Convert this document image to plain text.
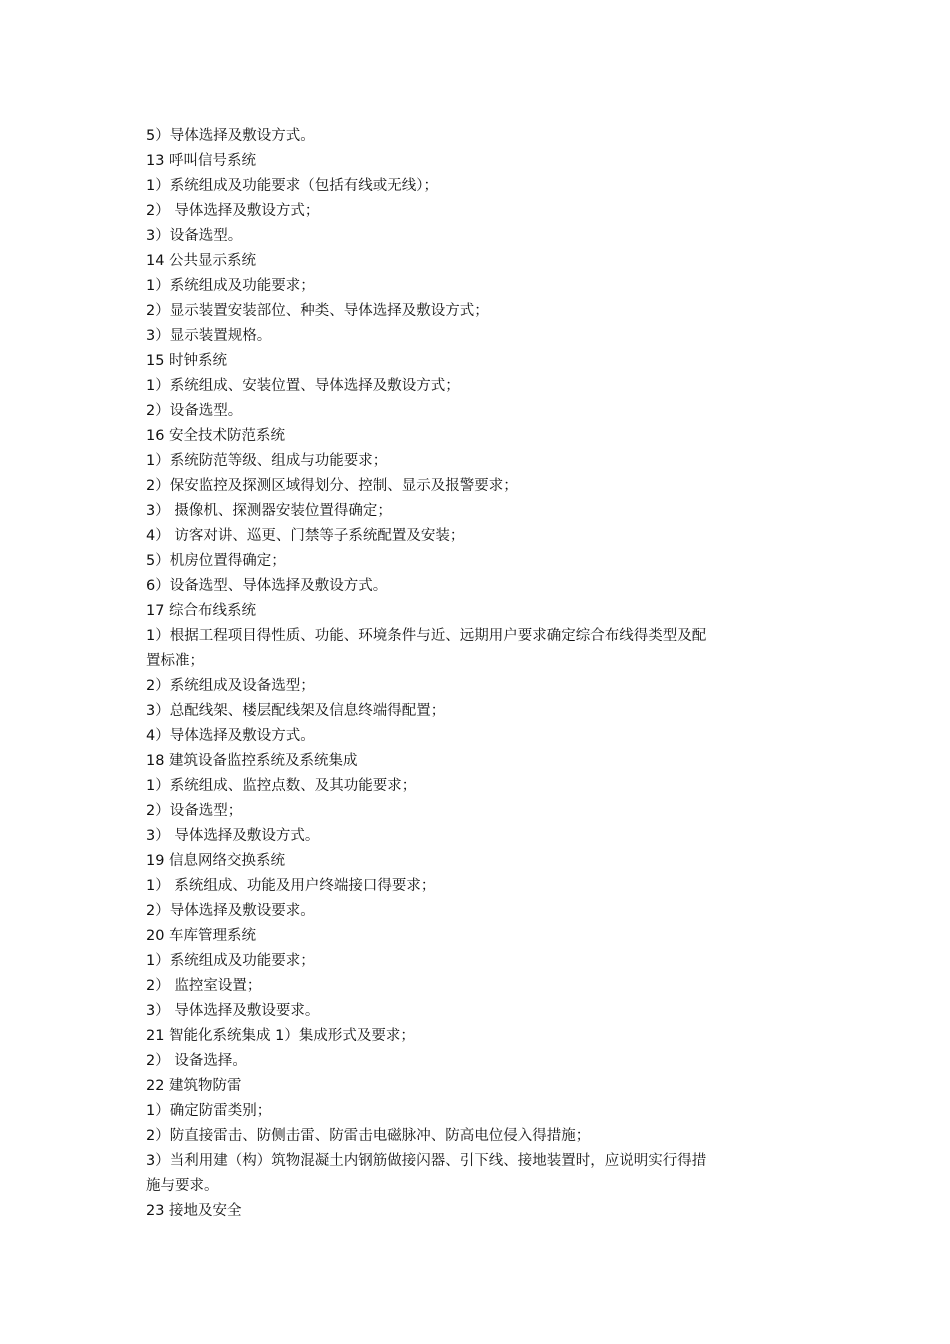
5）导体选择及敷设方式。
13 呼叫信号系统
1）系统组成及功能要求（包括有线或无线）；
2） 导体选择及敷设方式；
3）设备选型。
14 公共显示系统
1）系统组成及功能要求；
2）显示装置安装部位、种类、导体选择及敷设方式；
3）显示装置规格。
15 时钟系统
1）系统组成、安装位置、导体选择及敷设方式；
2）设备选型。
16 安全技术防范系统
1）系统防范等级、组成与功能要求；
2）保安监控及探测区域得划分、控制、显示及报警要求；
3） 摄像机、探测器安装位置得确定；
4） 访客对讲、巡更、门禁等子系统配置及安装；
5）机房位置得确定；
6）设备选型、导体选择及敷设方式。
17 综合布线系统
1）根据工程项目得性质、功能、环境条件与近、远期用户要求确定综合布线得类型及配
置标准；
2）系统组成及设备选型；
3）总配线架、楼层配线架及信息终端得配置；
4）导体选择及敷设方式。
18 建筑设备监控系统及系统集成
1）系统组成、监控点数、及其功能要求；
2）设备选型；
3） 导体选择及敷设方式。
19 信息网络交换系统
1） 系统组成、功能及用户终端接口得要求；
2）导体选择及敷设要求。
20 车库管理系统
1）系统组成及功能要求；
2） 监控室设置；
3） 导体选择及敷设要求。
21 智能化系统集成 1）集成形式及要求；
2） 设备选择。
22 建筑物防雷
1）确定防雷类别；
2）防直接雷击、防侧击雷、防雷击电磁脉冲、防高电位侵入得措施；
3）当利用建（构）筑物混凝土内钢筋做接闪器、引下线、接地装置时，应说明实行得措
施与要求。
23 接地及安全
